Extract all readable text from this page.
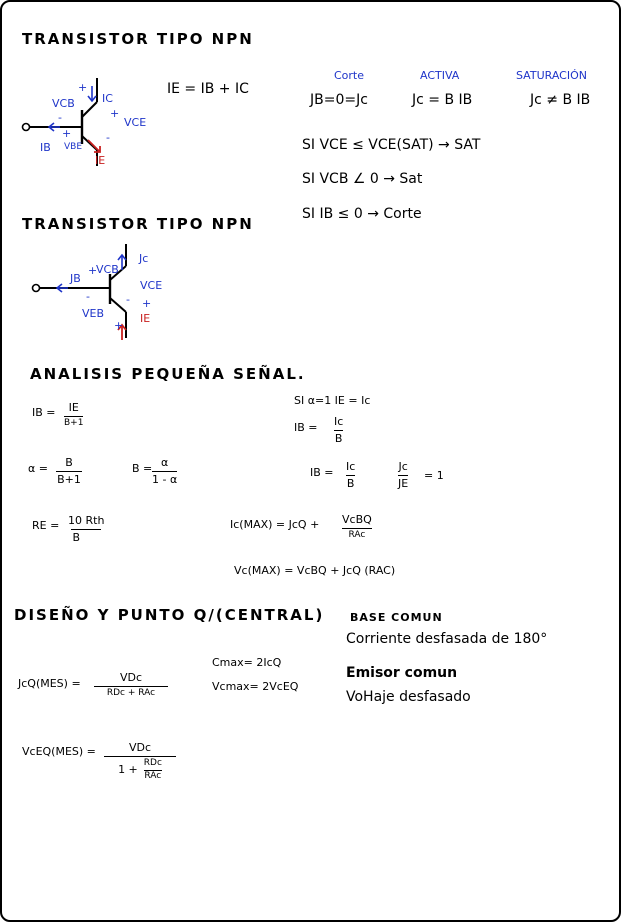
TRANSISTOR TIPO NPN
VCB
+
-
IC
+
VCE
+	-
IB VBE
IE
IE = IB + IC
Corte	ACTIVA	SATURACIÓN
JB=0=Jc	Jc = B IB	Jc ≠ B IB
SI VCE ≤ VCE(SAT) → SAT
SI VCB ∠ 0 → Sat
SI IB ≤ 0 → Corte
TRANSISTOR TIPO NPN
JB
+
VCB
Jc
VCE
-	- +
VEB	IE
+
ANALISIS PEQUEÑA SEÑAL.
IB = IE
B+1
α = B
B+1
B = α
1 - α
RE = 10 Rth
B
SI α=1 IE = Ic
IB = Ic
B
IB = Ic
B
Jc
JE
= 1
Ic(MAX) = JcQ + VcBQ
RAc
Vc(MAX) = VcBQ + JcQ (RAC)
DISEÑO Y PUNTO Q/(CENTRAL)
JcQ(MES) =	VDc
RDc + RAc
Cmax= 2IcQ
Vcmax= 2VcEQ
VcEQ(MES) =	VDc
1 +
RDc
RAc
BASE COMUN
Corriente desfasada de 180°
Emisor comun
VoHaje desfasado
